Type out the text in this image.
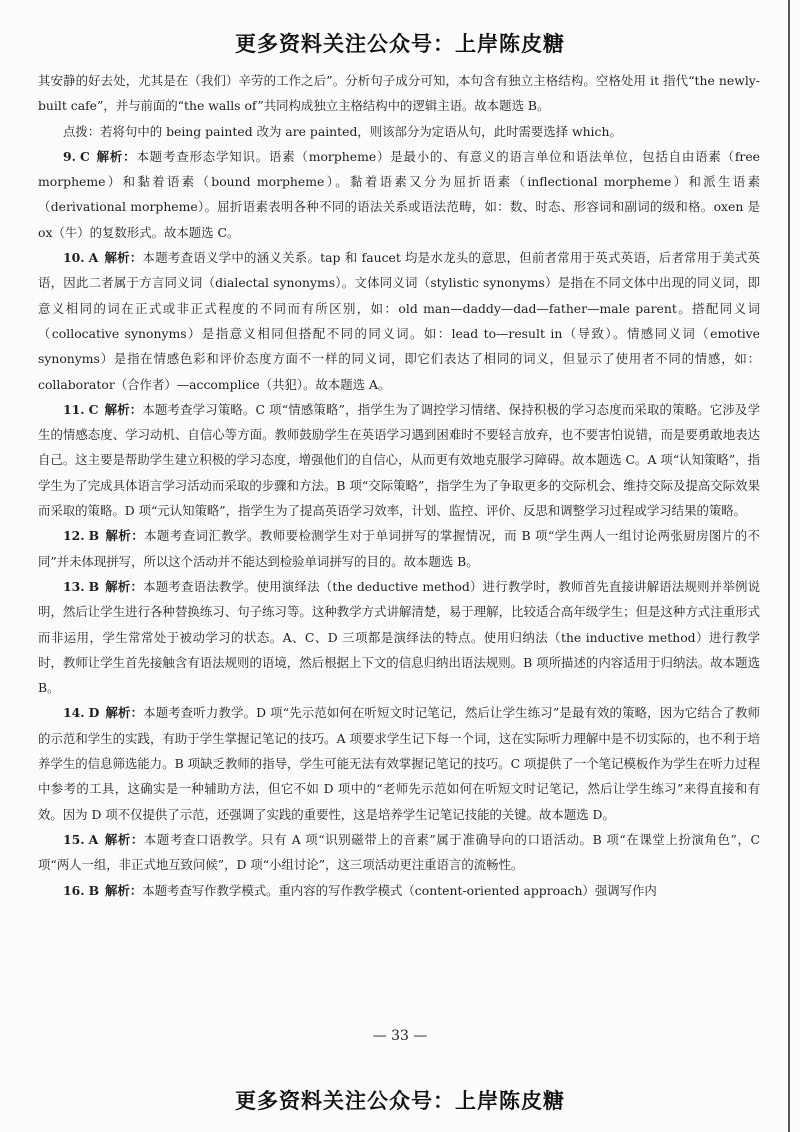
更多资料关注公众号：上岸陈皮糖

其安静的好去处，尤其是在（我们）辛劳的工作之后”。分析句子成分可知，本句含有独立主格结构。空格处用 it 指代“the newly-built cafe”，并与前面的“the walls of”共同构成独立主格结构中的逻辑主语。故本题选 B。

点拨：若将句中的 being painted 改为 are painted，则该部分为定语从句，此时需要选择 which。

9. C 解析：本题考查形态学知识。语素（morpheme）是最小的、有意义的语言单位和语法单位，包括自由语素（free morpheme）和黏着语素（bound morpheme）。黏着语素又分为屈折语素（inflectional morpheme）和派生语素（derivational morpheme）。屈折语素表明各种不同的语法关系或语法范畴，如：数、时态、形容词和副词的级和格。oxen 是 ox（牛）的复数形式。故本题选 C。

10. A 解析：本题考查语义学中的涵义关系。tap 和 faucet 均是水龙头的意思，但前者常用于英式英语，后者常用于美式英语，因此二者属于方言同义词（dialectal synonyms）。文体同义词（stylistic synonyms）是指在不同文体中出现的同义词，即意义相同的词在正式或非正式程度的不同而有所区别，如：old man—daddy—dad—father—male parent。搭配同义词（collocative synonyms）是指意义相同但搭配不同的同义词。如：lead to—result in（导致）。情感同义词（emotive synonyms）是指在情感色彩和评价态度方面不一样的同义词，即它们表达了相同的词义，但显示了使用者不同的情感，如：collaborator（合作者）—accomplice（共犯）。故本题选 A。

11. C 解析：本题考查学习策略。C 项“情感策略”，指学生为了调控学习情绪、保持积极的学习态度而采取的策略。它涉及学生的情感态度、学习动机、自信心等方面。教师鼓励学生在英语学习遇到困难时不要轻言放弃，也不要害怕说错，而是要勇敢地表达自己。这主要是帮助学生建立积极的学习态度，增强他们的自信心，从而更有效地克服学习障碍。故本题选 C。A 项“认知策略”，指学生为了完成具体语言学习活动而采取的步骤和方法。B 项“交际策略”，指学生为了争取更多的交际机会、维持交际及提高交际效果而采取的策略。D 项“元认知策略”，指学生为了提高英语学习效率，计划、监控、评价、反思和调整学习过程或学习结果的策略。

12. B 解析：本题考查词汇教学。教师要检测学生对于单词拼写的掌握情况，而 B 项“学生两人一组讨论两张厨房图片的不同”并未体现拼写，所以这个活动并不能达到检验单词拼写的目的。故本题选 B。

13. B 解析：本题考查语法教学。使用演绎法（the deductive method）进行教学时，教师首先直接讲解语法规则并举例说明，然后让学生进行各种替换练习、句子练习等。这种教学方式讲解清楚，易于理解，比较适合高年级学生；但是这种方式注重形式而非运用，学生常常处于被动学习的状态。A、C、D 三项都是演绎法的特点。使用归纳法（the inductive method）进行教学时，教师让学生首先接触含有语法规则的语境，然后根据上下文的信息归纳出语法规则。B 项所描述的内容适用于归纳法。故本题选 B。

14. D 解析：本题考查听力教学。D 项“先示范如何在听短文时记笔记，然后让学生练习”是最有效的策略，因为它结合了教师的示范和学生的实践，有助于学生掌握记笔记的技巧。A 项要求学生记下每一个词，这在实际听力理解中是不切实际的，也不利于培养学生的信息筛选能力。B 项缺乏教师的指导，学生可能无法有效掌握记笔记的技巧。C 项提供了一个笔记模板作为学生在听力过程中参考的工具，这确实是一种辅助方法，但它不如 D 项中的“老师先示范如何在听短文时记笔记，然后让学生练习”来得直接和有效。因为 D 项不仅提供了示范，还强调了实践的重要性，这是培养学生记笔记技能的关键。故本题选 D。

15. A 解析：本题考查口语教学。只有 A 项“识别磁带上的音素”属于准确导向的口语活动。B 项“在课堂上扮演角色”，C 项“两人一组，非正式地互致问候”，D 项“小组讨论”，这三项活动更注重语言的流畅性。

16. B 解析：本题考查写作教学模式。重内容的写作教学模式（content-oriented approach）强调写作内

— 33 —
更多资料关注公众号：上岸陈皮糖
